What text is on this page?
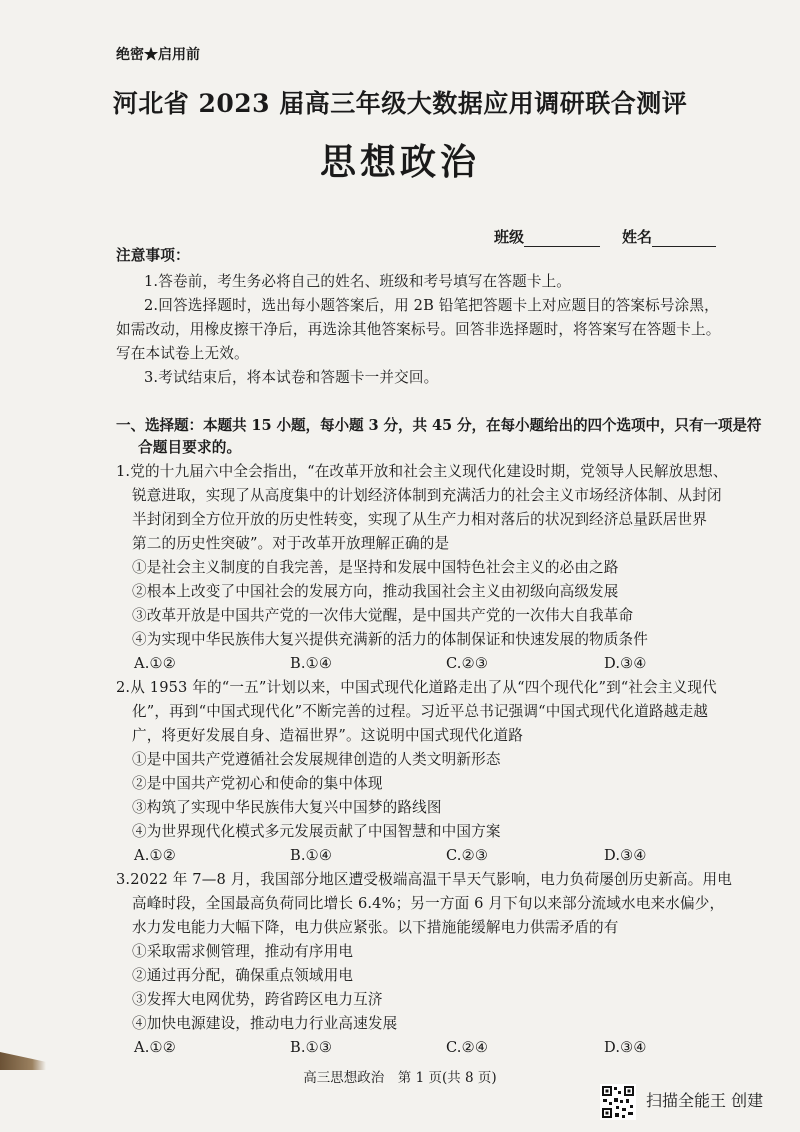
绝密★启用前
河北省 2023 届高三年级大数据应用调研联合测评
思想政治
班级	姓名
注意事项：
1.答卷前，考生务必将自己的姓名、班级和考号填写在答题卡上。
2.回答选择题时，选出每小题答案后，用 2B 铅笔把答题卡上对应题目的答案标号涂黑，
如需改动，用橡皮擦干净后，再选涂其他答案标号。回答非选择题时，将答案写在答题卡上。
写在本试卷上无效。
3.考试结束后，将本试卷和答题卡一并交回。
一、选择题：本题共 15 小题，每小题 3 分，共 45 分，在每小题给出的四个选项中，只有一项是符
合题目要求的。
1.党的十九届六中全会指出，“在改革开放和社会主义现代化建设时期，党领导人民解放思想、
锐意进取，实现了从高度集中的计划经济体制到充满活力的社会主义市场经济体制、从封闭
半封闭到全方位开放的历史性转变，实现了从生产力相对落后的状况到经济总量跃居世界
第二的历史性突破”。对于改革开放理解正确的是
①是社会主义制度的自我完善，是坚持和发展中国特色社会主义的必由之路
②根本上改变了中国社会的发展方向，推动我国社会主义由初级向高级发展
③改革开放是中国共产党的一次伟大觉醒，是中国共产党的一次伟大自我革命
④为实现中华民族伟大复兴提供充满新的活力的体制保证和快速发展的物质条件
A.①②	B.①④	C.②③	D.③④
2.从 1953 年的“一五”计划以来，中国式现代化道路走出了从“四个现代化”到“社会主义现代
化”，再到“中国式现代化”不断完善的过程。习近平总书记强调“中国式现代化道路越走越
广，将更好发展自身、造福世界”。这说明中国式现代化道路
①是中国共产党遵循社会发展规律创造的人类文明新形态
②是中国共产党初心和使命的集中体现
③构筑了实现中华民族伟大复兴中国梦的路线图
④为世界现代化模式多元发展贡献了中国智慧和中国方案
A.①②	B.①④	C.②③	D.③④
3.2022 年 7—8 月，我国部分地区遭受极端高温干旱天气影响，电力负荷屡创历史新高。用电
高峰时段，全国最高负荷同比增长 6.4%；另一方面 6 月下旬以来部分流域水电来水偏少，
水力发电能力大幅下降，电力供应紧张。以下措施能缓解电力供需矛盾的有
①采取需求侧管理，推动有序用电
②通过再分配，确保重点领域用电
③发挥大电网优势，跨省跨区电力互济
④加快电源建设，推动电力行业高速发展
A.①②	B.①③	C.②④	D.③④
高三思想政治　第 1 页(共 8 页)
扫描全能王 创建
